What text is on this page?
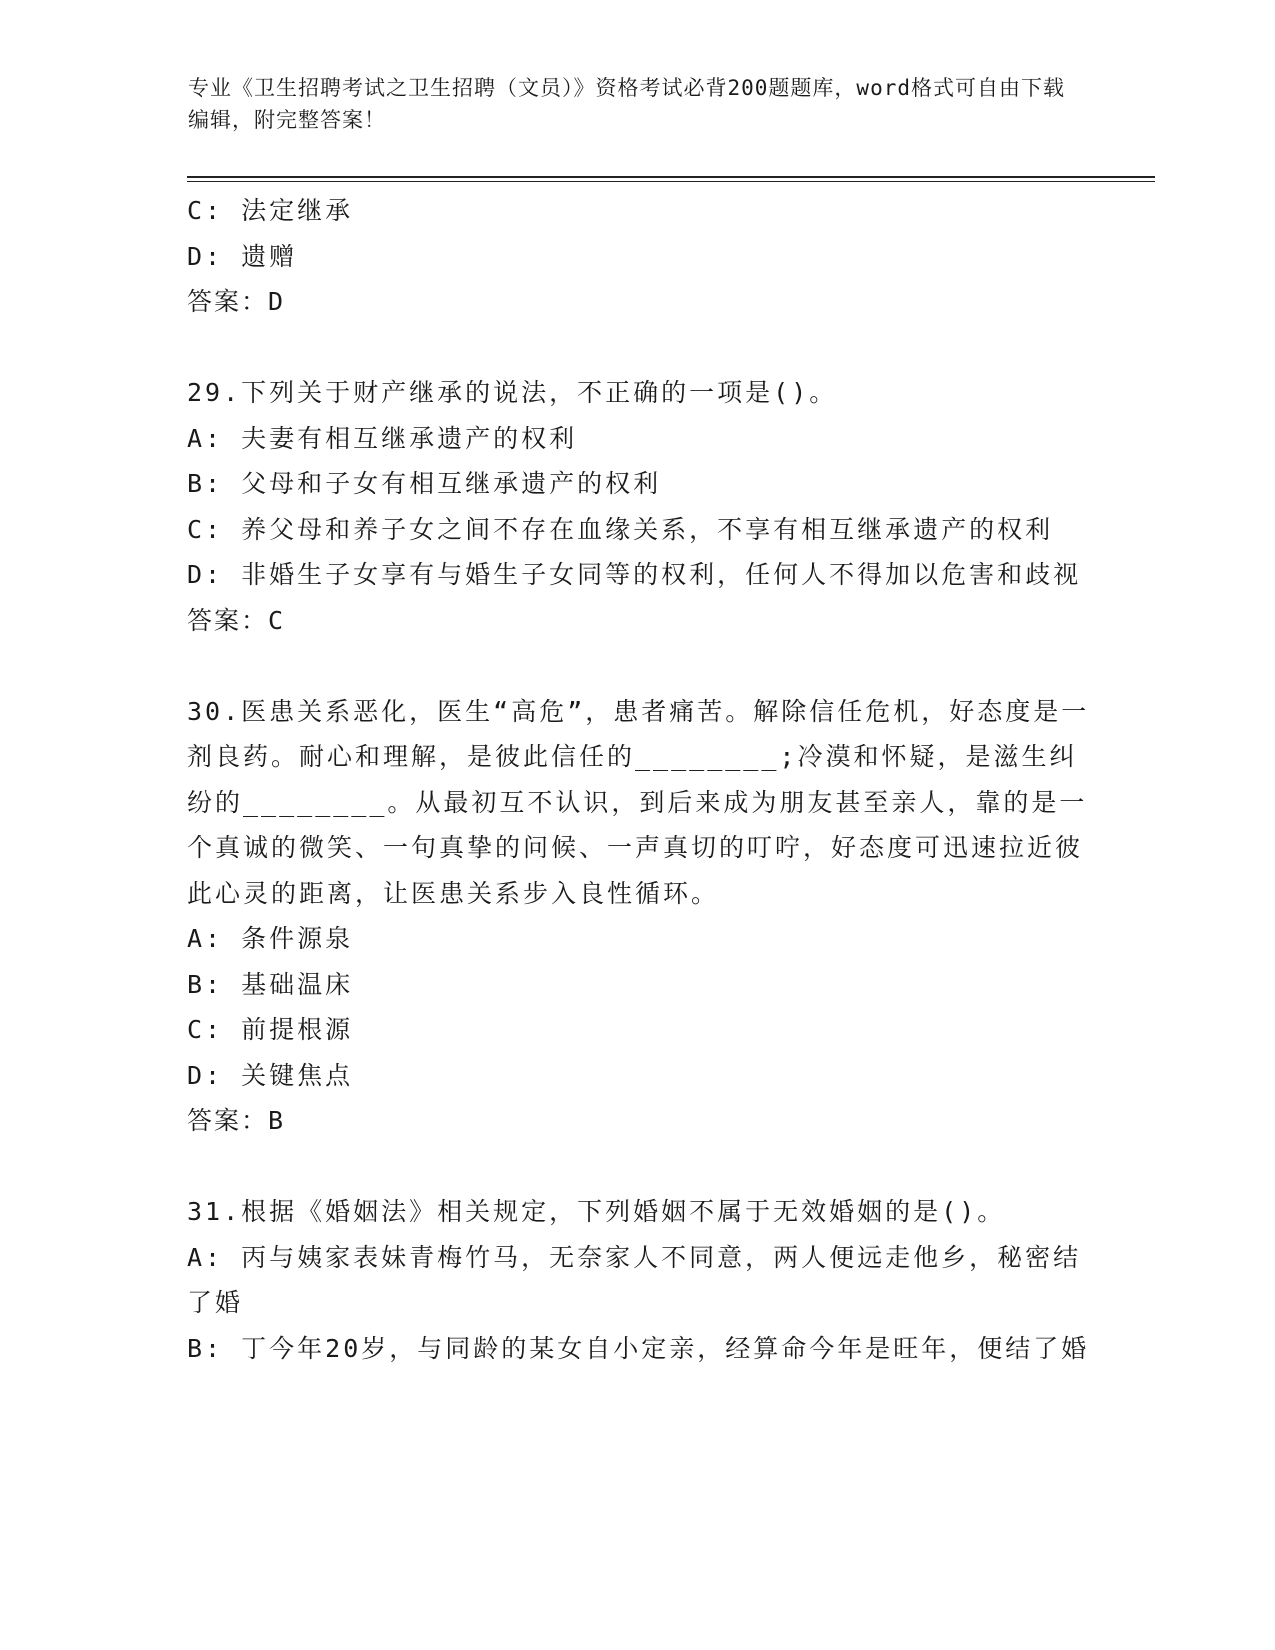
专业《卫生招聘考试之卫生招聘（文员）》资格考试必背200题题库，word格式可自由下载编辑，附完整答案！
C: 法定继承
D: 遗赠
答案：D
29.下列关于财产继承的说法，不正确的一项是()。
A: 夫妻有相互继承遗产的权利
B: 父母和子女有相互继承遗产的权利
C: 养父母和养子女之间不存在血缘关系，不享有相互继承遗产的权利
D: 非婚生子女享有与婚生子女同等的权利，任何人不得加以危害和歧视
答案：C
30.医患关系恶化，医生“高危”，患者痛苦。解除信任危机，好态度是一剂良药。耐心和理解，是彼此信任的________;冷漠和怀疑，是滋生纠纷的________。从最初互不认识，到后来成为朋友甚至亲人，靠的是一个真诚的微笑、一句真挚的问候、一声真切的叮咛，好态度可迅速拉近彼此心灵的距离，让医患关系步入良性循环。
A: 条件源泉
B: 基础温床
C: 前提根源
D: 关键焦点
答案：B
31.根据《婚姻法》相关规定，下列婚姻不属于无效婚姻的是()。
A: 丙与姨家表妹青梅竹马，无奈家人不同意，两人便远走他乡，秘密结了婚
B: 丁今年20岁，与同龄的某女自小定亲，经算命今年是旺年，便结了婚
